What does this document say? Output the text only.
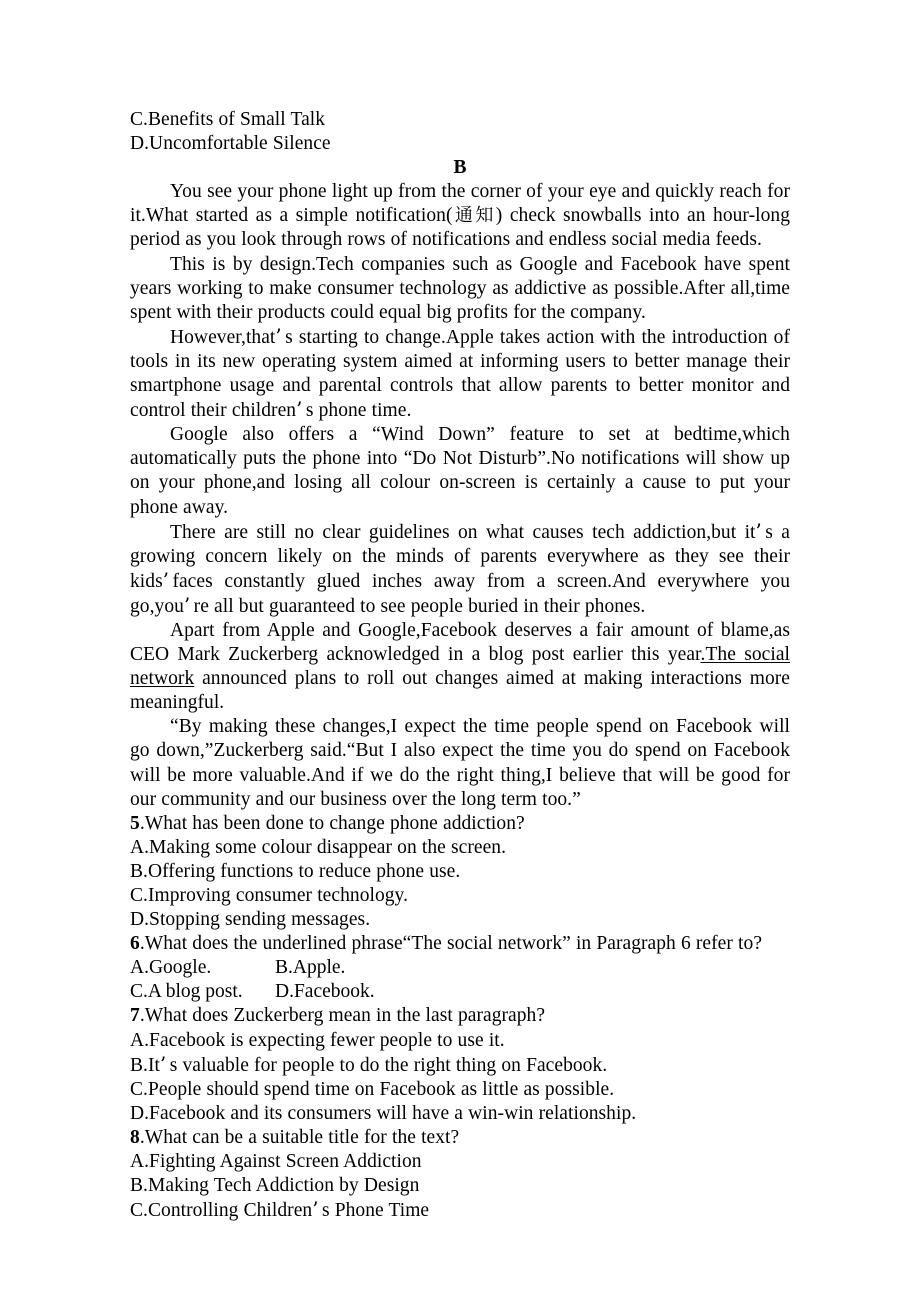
C.Benefits of Small Talk
D.Uncomfortable Silence
B
You see your phone light up from the corner of your eye and quickly reach for it.What started as a simple notification(通知) check snowballs into an hour-long period as you look through rows of notifications and endless social media feeds.
This is by design.Tech companies such as Google and Facebook have spent years working to make consumer technology as addictive as possible.After all,time spent with their products could equal big profits for the company.
However,that’s starting to change.Apple takes action with the introduction of tools in its new operating system aimed at informing users to better manage their smartphone usage and parental controls that allow parents to better monitor and control their children’s phone time.
Google also offers a “Wind Down” feature to set at bedtime,which automatically puts the phone into “Do Not Disturb”.No notifications will show up on your phone,and losing all colour on-screen is certainly a cause to put your phone away.
There are still no clear guidelines on what causes tech addiction,but it’s a growing concern likely on the minds of parents everywhere as they see their kids’faces constantly glued inches away from a screen.And everywhere you go,you’re all but guaranteed to see people buried in their phones.
Apart from Apple and Google,Facebook deserves a fair amount of blame,as CEO Mark Zuckerberg acknowledged in a blog post earlier this year.The social network announced plans to roll out changes aimed at making interactions more meaningful.
“By making these changes,I expect the time people spend on Facebook will go down,”Zuckerberg said.“But I also expect the time you do spend on Facebook will be more valuable.And if we do the right thing,I believe that will be good for our community and our business over the long term too.”
5.What has been done to change phone addiction?
A.Making some colour disappear on the screen.
B.Offering functions to reduce phone use.
C.Improving consumer technology.
D.Stopping sending messages.
6.What does the underlined phrase“The social network” in Paragraph 6 refer to?
A.Google.	B.Apple.
C.A blog post. D.Facebook.
7.What does Zuckerberg mean in the last paragraph?
A.Facebook is expecting fewer people to use it.
B.It’s valuable for people to do the right thing on Facebook.
C.People should spend time on Facebook as little as possible.
D.Facebook and its consumers will have a win-win relationship.
8.What can be a suitable title for the text?
A.Fighting Against Screen Addiction
B.Making Tech Addiction by Design
C.Controlling Children’s Phone Time
